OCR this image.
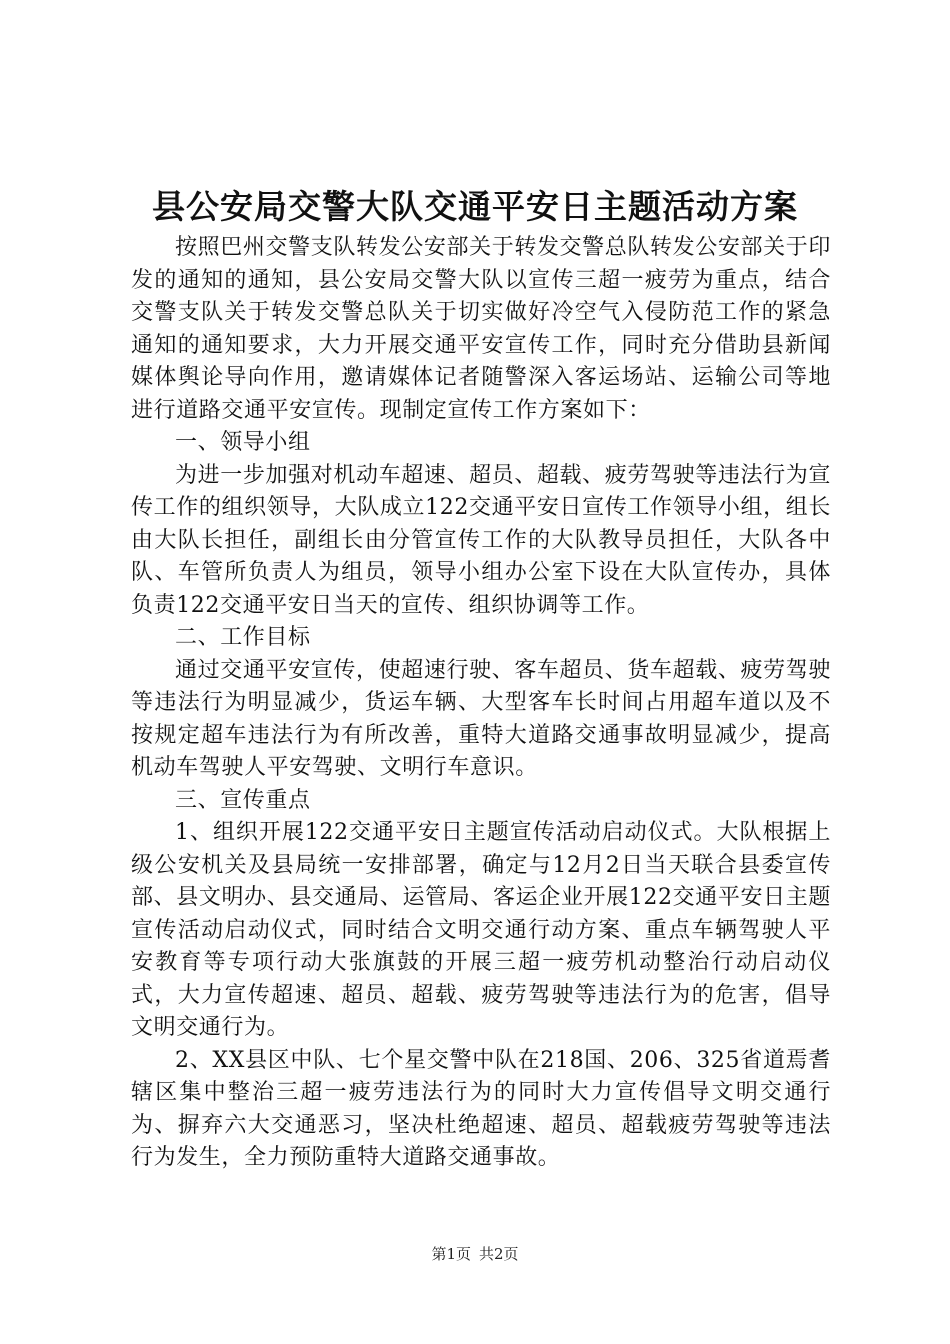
县公安局交警大队交通平安日主题活动方案

按照巴州交警支队转发公安部关于转发交警总队转发公安部关于印发的通知的通知，县公安局交警大队以宣传三超一疲劳为重点，结合交警支队关于转发交警总队关于切实做好冷空气入侵防范工作的紧急通知的通知要求，大力开展交通平安宣传工作，同时充分借助县新闻媒体舆论导向作用，邀请媒体记者随警深入客运场站、运输公司等地进行道路交通平安宣传。现制定宣传工作方案如下：

一、领导小组

为进一步加强对机动车超速、超员、超载、疲劳驾驶等违法行为宣传工作的组织领导，大队成立122交通平安日宣传工作领导小组，组长由大队长担任，副组长由分管宣传工作的大队教导员担任，大队各中队、车管所负责人为组员，领导小组办公室下设在大队宣传办，具体负责122交通平安日当天的宣传、组织协调等工作。

二、工作目标

通过交通平安宣传，使超速行驶、客车超员、货车超载、疲劳驾驶等违法行为明显减少，货运车辆、大型客车长时间占用超车道以及不按规定超车违法行为有所改善，重特大道路交通事故明显减少，提高机动车驾驶人平安驾驶、文明行车意识。

三、宣传重点

1、组织开展122交通平安日主题宣传活动启动仪式。大队根据上级公安机关及县局统一安排部署，确定与12月2日当天联合县委宣传部、县文明办、县交通局、运管局、客运企业开展122交通平安日主题宣传活动启动仪式，同时结合文明交通行动方案、重点车辆驾驶人平安教育等专项行动大张旗鼓的开展三超一疲劳机动整治行动启动仪式，大力宣传超速、超员、超载、疲劳驾驶等违法行为的危害，倡导文明交通行为。

2、XX县区中队、七个星交警中队在218国、206、325省道焉耆辖区集中整治三超一疲劳违法行为的同时大力宣传倡导文明交通行为、摒弃六大交通恶习，坚决杜绝超速、超员、超载疲劳驾驶等违法行为发生，全力预防重特大道路交通事故。

第1页 共2页
